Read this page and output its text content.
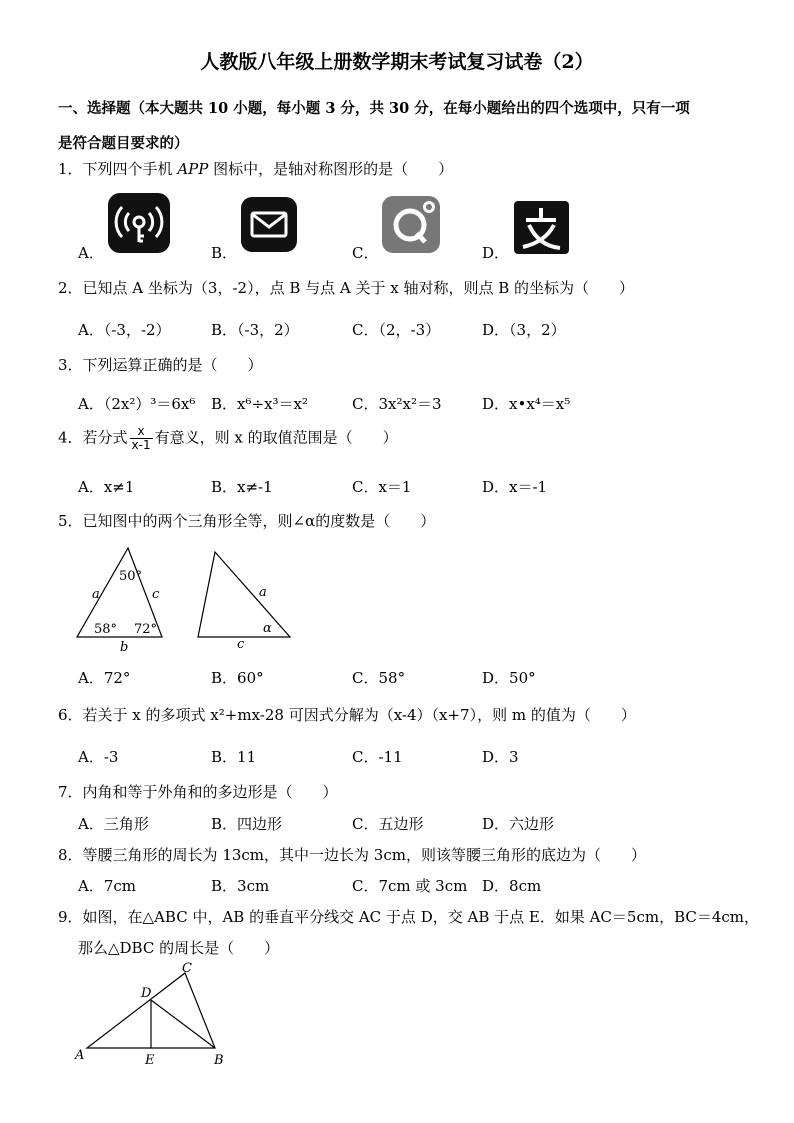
人教版八年级上册数学期末考试复习试卷（2）
一、选择题（本大题共 10 小题，每小题 3 分，共 30 分，在每小题给出的四个选项中，只有一项
是符合题目要求的）
1．下列四个手机 APP 图标中，是轴对称图形的是（　　）
A．	B．	C．	D．
2．已知点 A 坐标为（3，-2），点 B 与点 A 关于 x 轴对称，则点 B 的坐标为（　　）
A．（-3，-2）	B．（-3，2）	C．（2，-3）	D．（3，2）
3．下列运算正确的是（　　）
A．（2x²）³＝6x⁶ B．x⁶÷x³＝x²	C．3x²x²＝3	D．x•x⁴＝x⁵
4．若分式 $\frac{x}{x-1}$ 有意义，则 x 的取值范围是（　　）
A．x≠1	B．x≠-1	C．x＝1	D．x＝-1
5．已知图中的两个三角形全等，则∠α的度数是（　　）
50°
a	c
58° 72°
b
a
α
c
A．72°	B．60°	C．58°	D．50°
6．若关于 x 的多项式 x²+mx-28 可因式分解为（x-4）（x+7），则 m 的值为（　　）
A．-3	B．11	C．-11	D．3
7．内角和等于外角和的多边形是（　　）
A．三角形	B．四边形	C．五边形	D．六边形
8．等腰三角形的周长为 13cm，其中一边长为 3cm，则该等腰三角形的底边为（　　）
A．7cm	B．3cm	C．7cm 或 3cm D．8cm
9．如图，在△ABC 中，AB 的垂直平分线交 AC 于点 D，交 AB 于点 E．如果 AC＝5cm，BC＝4cm，
那么△DBC 的周长是（　　）
A	B
C
D
E
